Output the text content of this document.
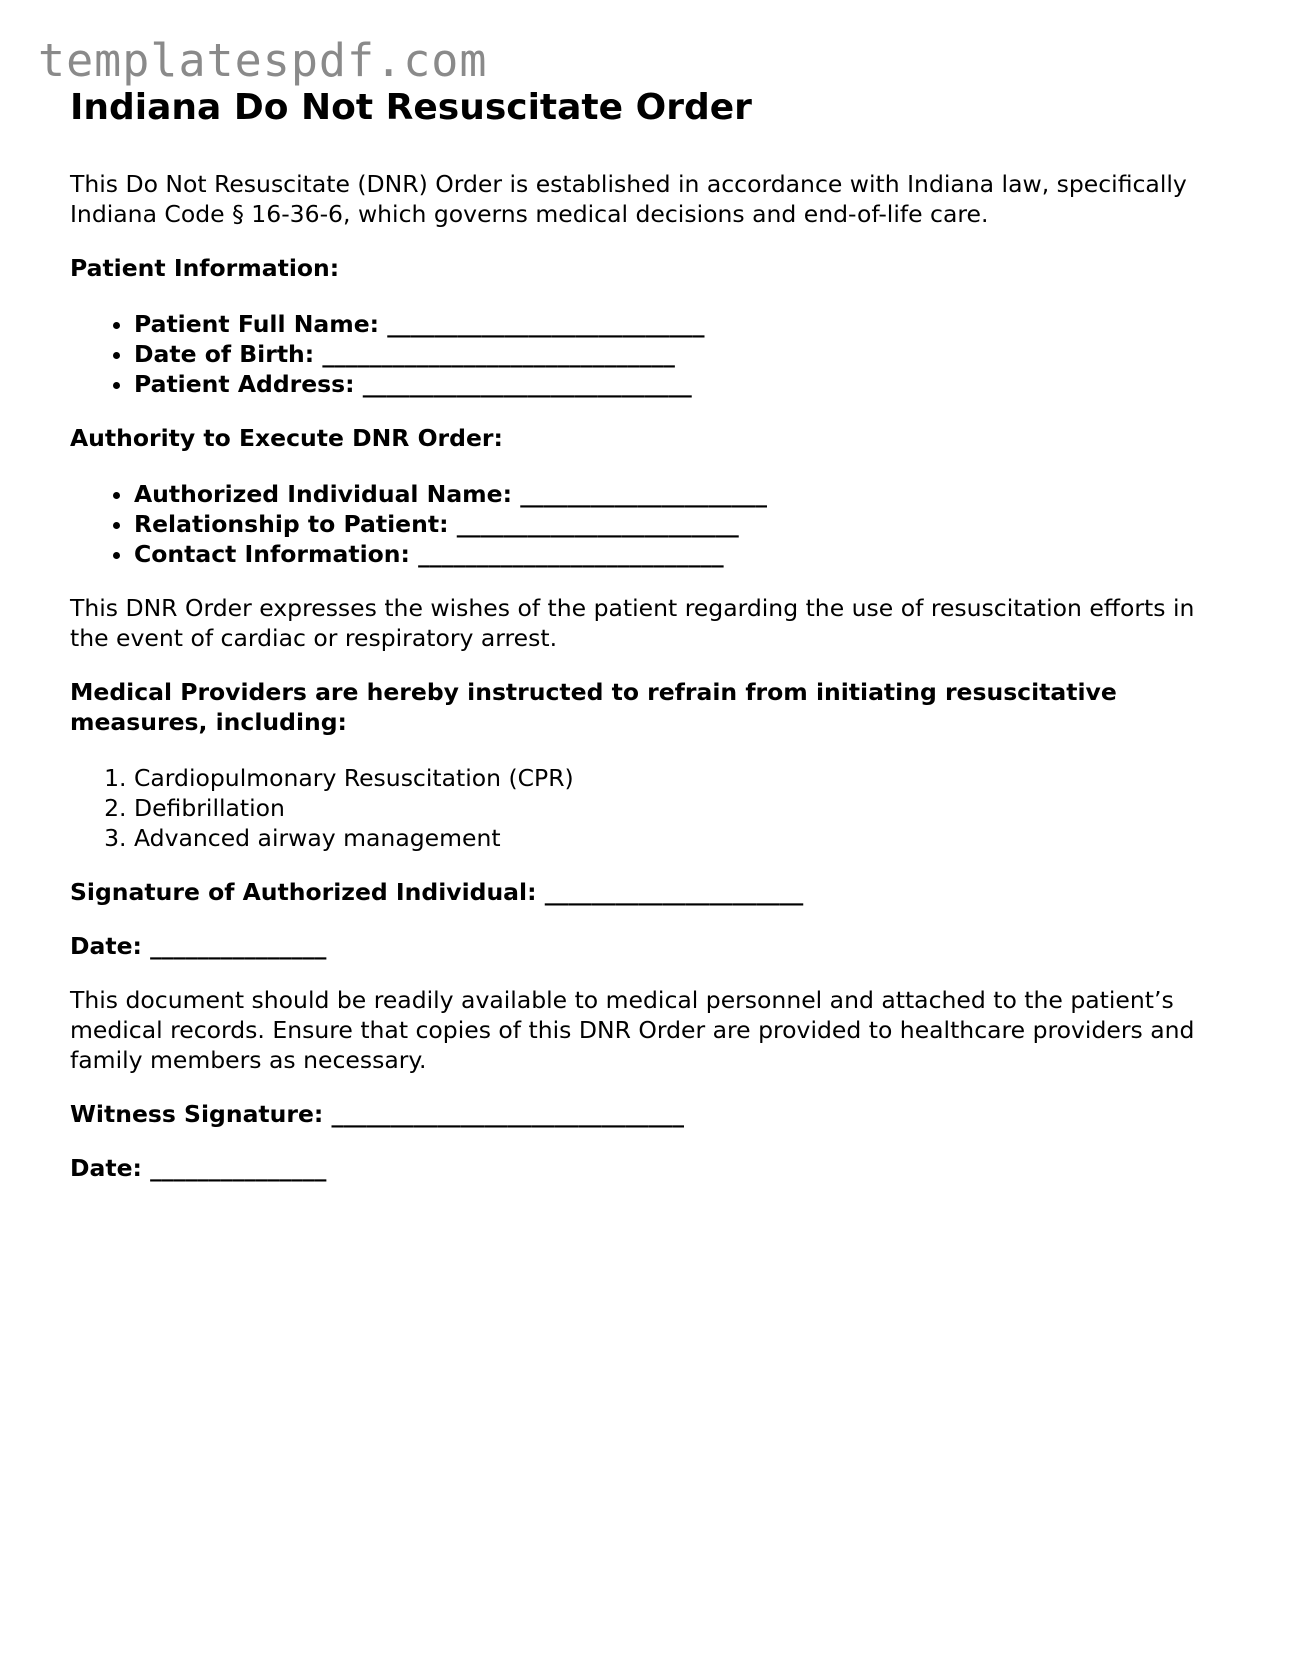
templatespdf.com
Indiana Do Not Resuscitate Order

This Do Not Resuscitate (DNR) Order is established in accordance with Indiana law, specifically Indiana Code § 16-36-6, which governs medical decisions and end-of-life care.

Patient Information:

• Patient Full Name: ___________________________
• Date of Birth: ______________________________
• Patient Address: ____________________________

Authority to Execute DNR Order:

• Authorized Individual Name: _____________________
• Relationship to Patient: ________________________
• Contact Information: __________________________

This DNR Order expresses the wishes of the patient regarding the use of resuscitation efforts in the event of cardiac or respiratory arrest.

Medical Providers are hereby instructed to refrain from initiating resuscitative measures, including:

1. Cardiopulmonary Resuscitation (CPR)
2. Defibrillation
3. Advanced airway management

Signature of Authorized Individual: ______________________

Date: _______________

This document should be readily available to medical personnel and attached to the patient’s medical records. Ensure that copies of this DNR Order are provided to healthcare providers and family members as necessary.

Witness Signature: ______________________________

Date: _______________
